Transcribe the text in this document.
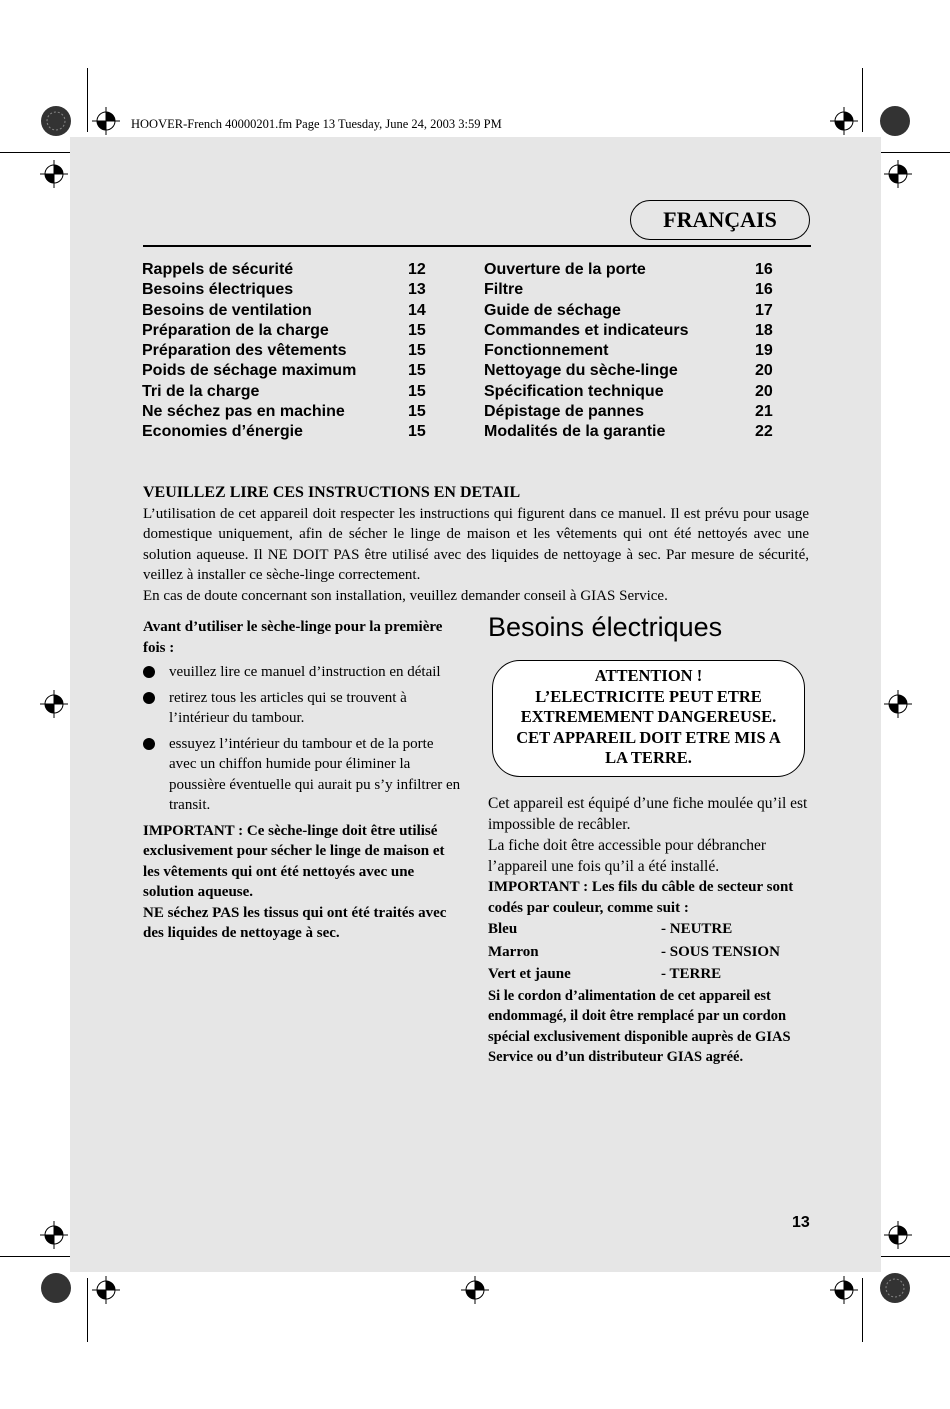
HOOVER-French 40000201.fm Page 13 Tuesday, June 24, 2003 3:59 PM
FRANÇAIS
Rappels de sécurité	12
Besoins électriques	13
Besoins de ventilation	14
Préparation de la charge	15
Préparation des vêtements	15
Poids de séchage maximum	15
Tri de la charge	15
Ne séchez pas en machine	15
Economies d’énergie	15
Ouverture de la porte	16
Filtre	16
Guide de séchage	17
Commandes et indicateurs	18
Fonctionnement	19
Nettoyage du sèche-linge	20
Spécification technique	20
Dépistage de pannes	21
Modalités de la garantie	22
VEUILLEZ LIRE CES INSTRUCTIONS EN DETAIL
L’utilisation de cet appareil doit respecter les instructions qui figurent dans ce manuel. Il est prévu pour usage domestique uniquement, afin de sécher le linge de maison et les vêtements qui ont été nettoyés avec une solution aqueuse. Il NE DOIT PAS être utilisé avec des liquides de nettoyage à sec. Par mesure de sécurité, veillez à installer ce sèche-linge correctement.
En cas de doute concernant son installation, veuillez demander conseil à GIAS Service.
Avant d’utiliser le sèche-linge pour la première fois :
veuillez lire ce manuel d’instruction en détail
retirez tous les articles qui se trouvent à l’intérieur du tambour.
essuyez l’intérieur du tambour et de la porte avec un chiffon humide pour éliminer la poussière éventuelle qui aurait pu s’y infiltrer en transit.
IMPORTANT : Ce sèche-linge doit être utilisé exclusivement pour sécher le linge de maison et les vêtements qui ont été nettoyés avec une solution aqueuse.
NE séchez PAS les tissus qui ont été traités avec des liquides de nettoyage à sec.
Besoins électriques
ATTENTION !
L’ELECTRICITE PEUT ETRE
EXTREMEMENT DANGEREUSE.
CET APPAREIL DOIT ETRE MIS A
LA TERRE.
Cet appareil est équipé d’une fiche moulée qu’il est impossible de recâbler.
La fiche doit être accessible pour débrancher l’appareil une fois qu’il a été installé.
IMPORTANT : Les fils du câble de secteur sont codés par couleur, comme suit :
Bleu	- NEUTRE
Marron	- SOUS TENSION
Vert et jaune	- TERRE
Si le cordon d’alimentation de cet appareil est endommagé, il doit être remplacé par un cordon spécial exclusivement disponible auprès de GIAS Service ou d’un distributeur GIAS agréé.
13
